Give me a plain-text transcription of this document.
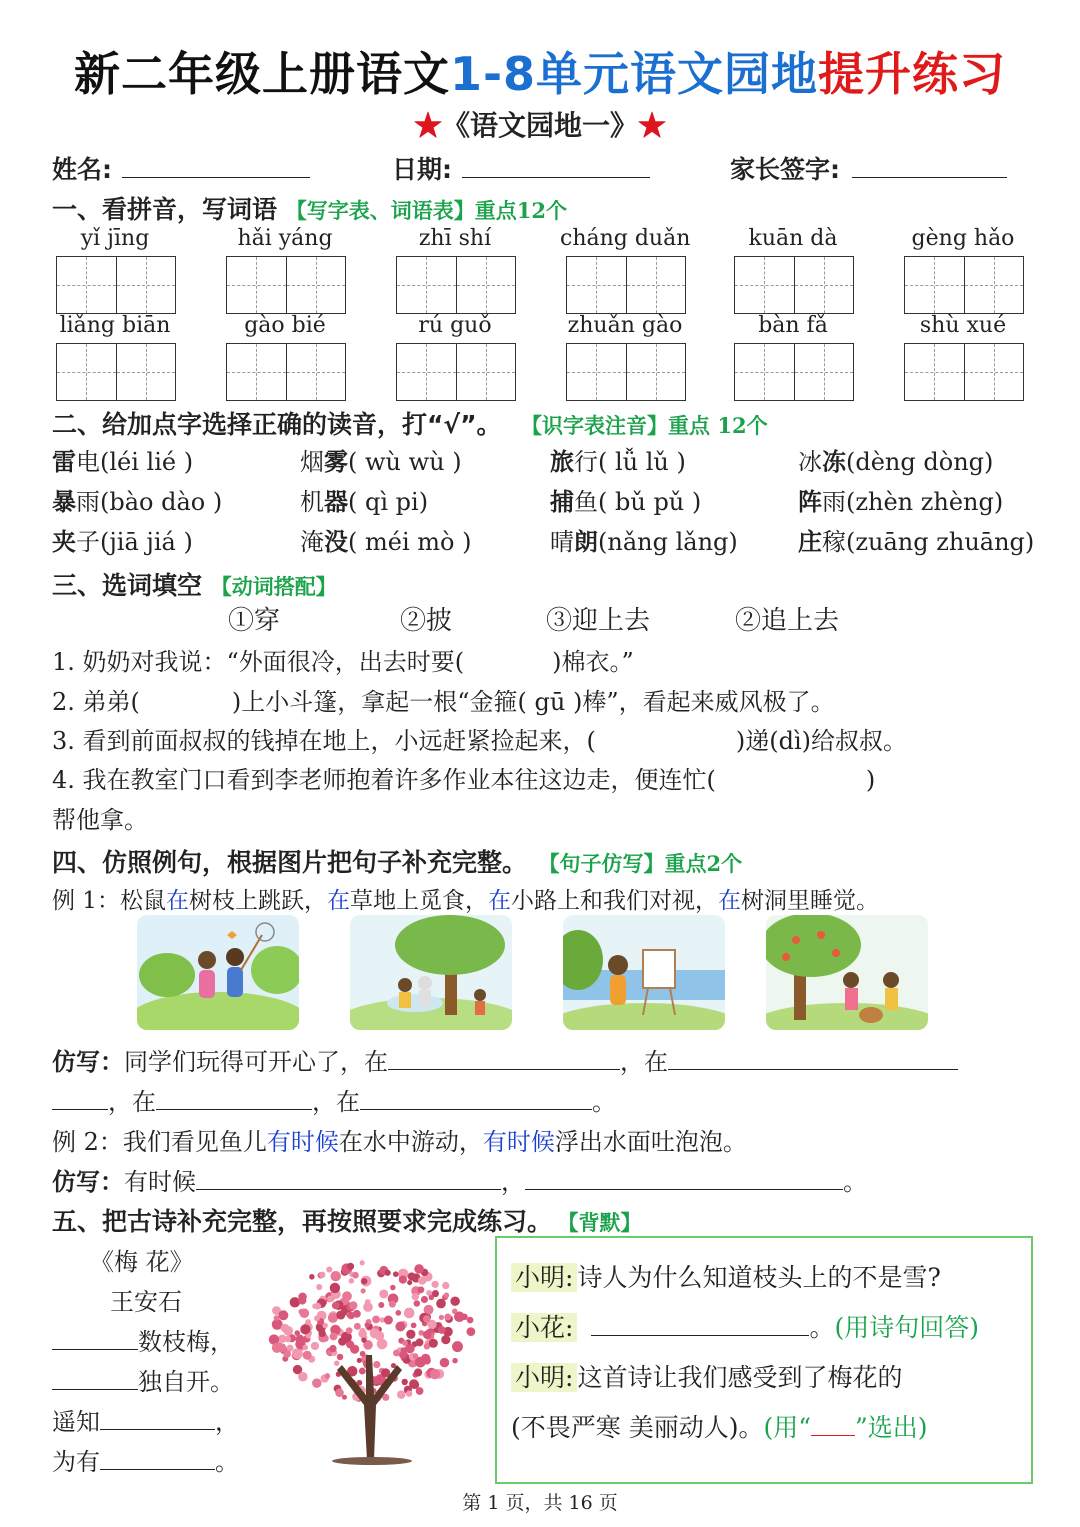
新二年级上册语文1-8单元语文园地提升练习
★《语文园地一》★
姓名:	日期:	家长签字:
一、看拼音，写词语 【写字表、词语表】重点12个
yǐ jīng	hǎi yáng	zhī shí	cháng duǎn	kuān dà	gèng hǎo
liǎng biān	gào bié	rú guǒ	zhuǎn gào	bàn fǎ	shù xué
二、给加点字选择正确的读音，打“√”。 【识字表注音】重点 12个
雷电(léi lié )	烟雾( wù wù )	旅行( lǚ lǔ )	冰冻(dèng dòng)
暴雨(bào dào )	机器( qì pi)	捕鱼( bǔ pǔ )	阵雨(zhèn zhèng)
夹子(jiā jiá )	淹没( méi mò )	晴朗(nǎng lǎng)	庄稼(zuāng zhuāng)
三、选词填空 【动词搭配】
①穿	②披	③迎上去	②追上去
1. 奶奶对我说：“外面很冷，出去时要(	)棉衣。”
2. 弟弟(	)上小斗篷，拿起一根“金箍( gū )棒”，看起来威风极了。
3. 看到前面叔叔的钱掉在地上，小远赶紧捡起来，(	)递(dì)给叔叔。
4. 我在教室门口看到李老师抱着许多作业本往这边走，便连忙(	)
帮他拿。
四、仿照例句，根据图片把句子补充完整。 【句子仿写】重点2个
例 1：松鼠在树枝上跳跃，在草地上觅食，在小路上和我们对视，在树洞里睡觉。
仿写：同学们玩得可开心了，在	，在
，在	，在	。
例 2：我们看见鱼儿有时候在水中游动，有时候浮出水面吐泡泡。
仿写：有时候	，	。
五、把古诗补充完整，再按照要求完成练习。 【背默】
《梅 花》
王安石
数枝梅，
独自开。
遥知	，
为有	。
小明: 诗人为什么知道枝头上的不是雪?
小花:	。(用诗句回答)
小明: 这首诗让我们感受到了梅花的
(不畏严寒 美丽动人)。(用“ ”选出)
第 1 页，共 16 页
